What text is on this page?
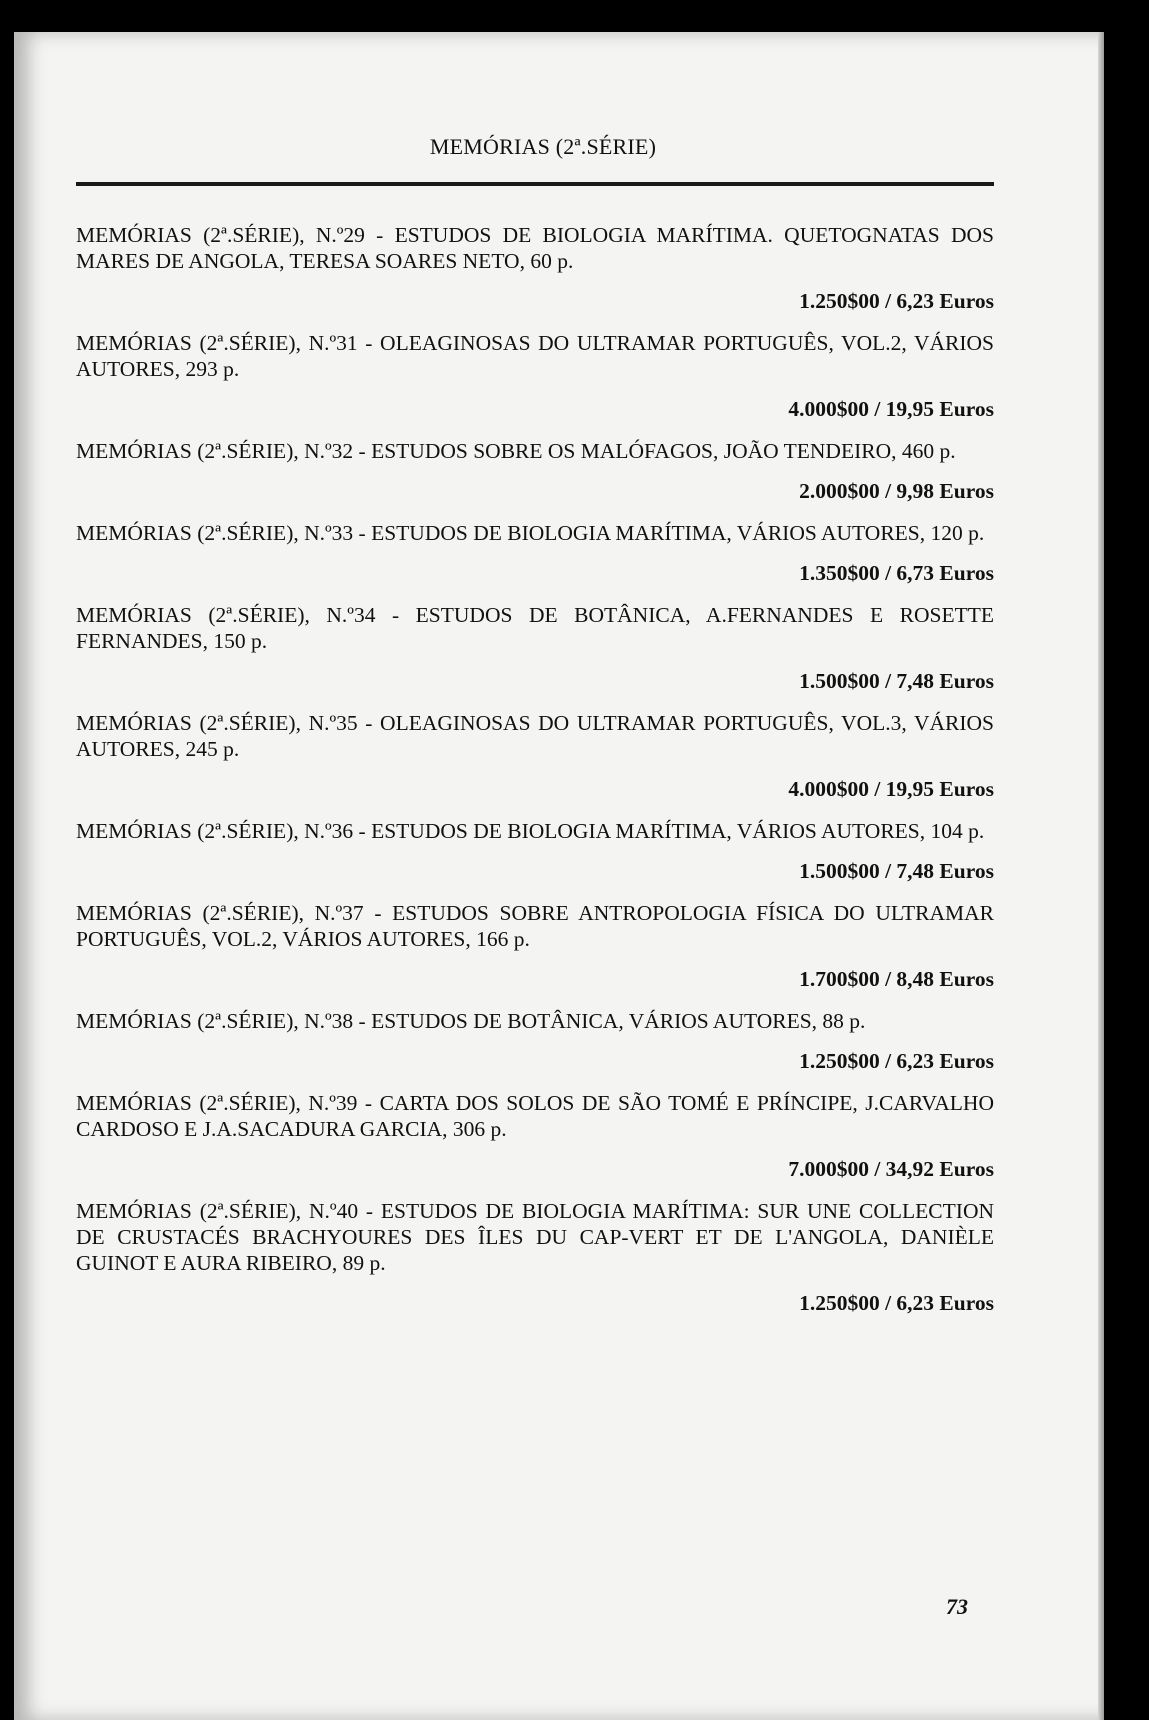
MEMÓRIAS (2ª.SÉRIE)
MEMÓRIAS (2ª.SÉRIE), N.º29 - ESTUDOS DE BIOLOGIA MARÍTIMA. QUETOGNATAS DOS MARES DE ANGOLA, TERESA SOARES NETO, 60 p.
1.250$00 / 6,23 Euros
MEMÓRIAS (2ª.SÉRIE), N.º31 - OLEAGINOSAS DO ULTRAMAR PORTUGUÊS, VOL.2, VÁRIOS AUTORES, 293 p.
4.000$00 / 19,95 Euros
MEMÓRIAS (2ª.SÉRIE), N.º32 - ESTUDOS SOBRE OS MALÓFAGOS, JOÃO TENDEIRO, 460 p.
2.000$00 / 9,98 Euros
MEMÓRIAS (2ª.SÉRIE), N.º33 - ESTUDOS DE BIOLOGIA MARÍTIMA, VÁRIOS AUTORES, 120 p.
1.350$00 / 6,73 Euros
MEMÓRIAS (2ª.SÉRIE), N.º34 - ESTUDOS DE BOTÂNICA, A.FERNANDES E ROSETTE FERNANDES, 150 p.
1.500$00 / 7,48 Euros
MEMÓRIAS (2ª.SÉRIE), N.º35 - OLEAGINOSAS DO ULTRAMAR PORTUGUÊS, VOL.3, VÁRIOS AUTORES, 245 p.
4.000$00 / 19,95 Euros
MEMÓRIAS (2ª.SÉRIE), N.º36 - ESTUDOS DE BIOLOGIA MARÍTIMA, VÁRIOS AUTORES, 104 p.
1.500$00 / 7,48 Euros
MEMÓRIAS (2ª.SÉRIE), N.º37 - ESTUDOS SOBRE ANTROPOLOGIA FÍSICA DO ULTRAMAR PORTUGUÊS, VOL.2, VÁRIOS AUTORES, 166 p.
1.700$00 / 8,48 Euros
MEMÓRIAS (2ª.SÉRIE), N.º38 - ESTUDOS DE BOTÂNICA, VÁRIOS AUTORES, 88 p.
1.250$00 / 6,23 Euros
MEMÓRIAS (2ª.SÉRIE), N.º39 - CARTA DOS SOLOS DE SÃO TOMÉ E PRÍNCIPE, J.CARVALHO CARDOSO E J.A.SACADURA GARCIA, 306 p.
7.000$00 / 34,92 Euros
MEMÓRIAS (2ª.SÉRIE), N.º40 - ESTUDOS DE BIOLOGIA MARÍTIMA: SUR UNE COLLECTION DE CRUSTACÉS BRACHYOURES DES ÎLES DU CAP-VERT ET DE L'ANGOLA, DANIÈLE GUINOT E AURA RIBEIRO, 89 p.
1.250$00 / 6,23 Euros
73
